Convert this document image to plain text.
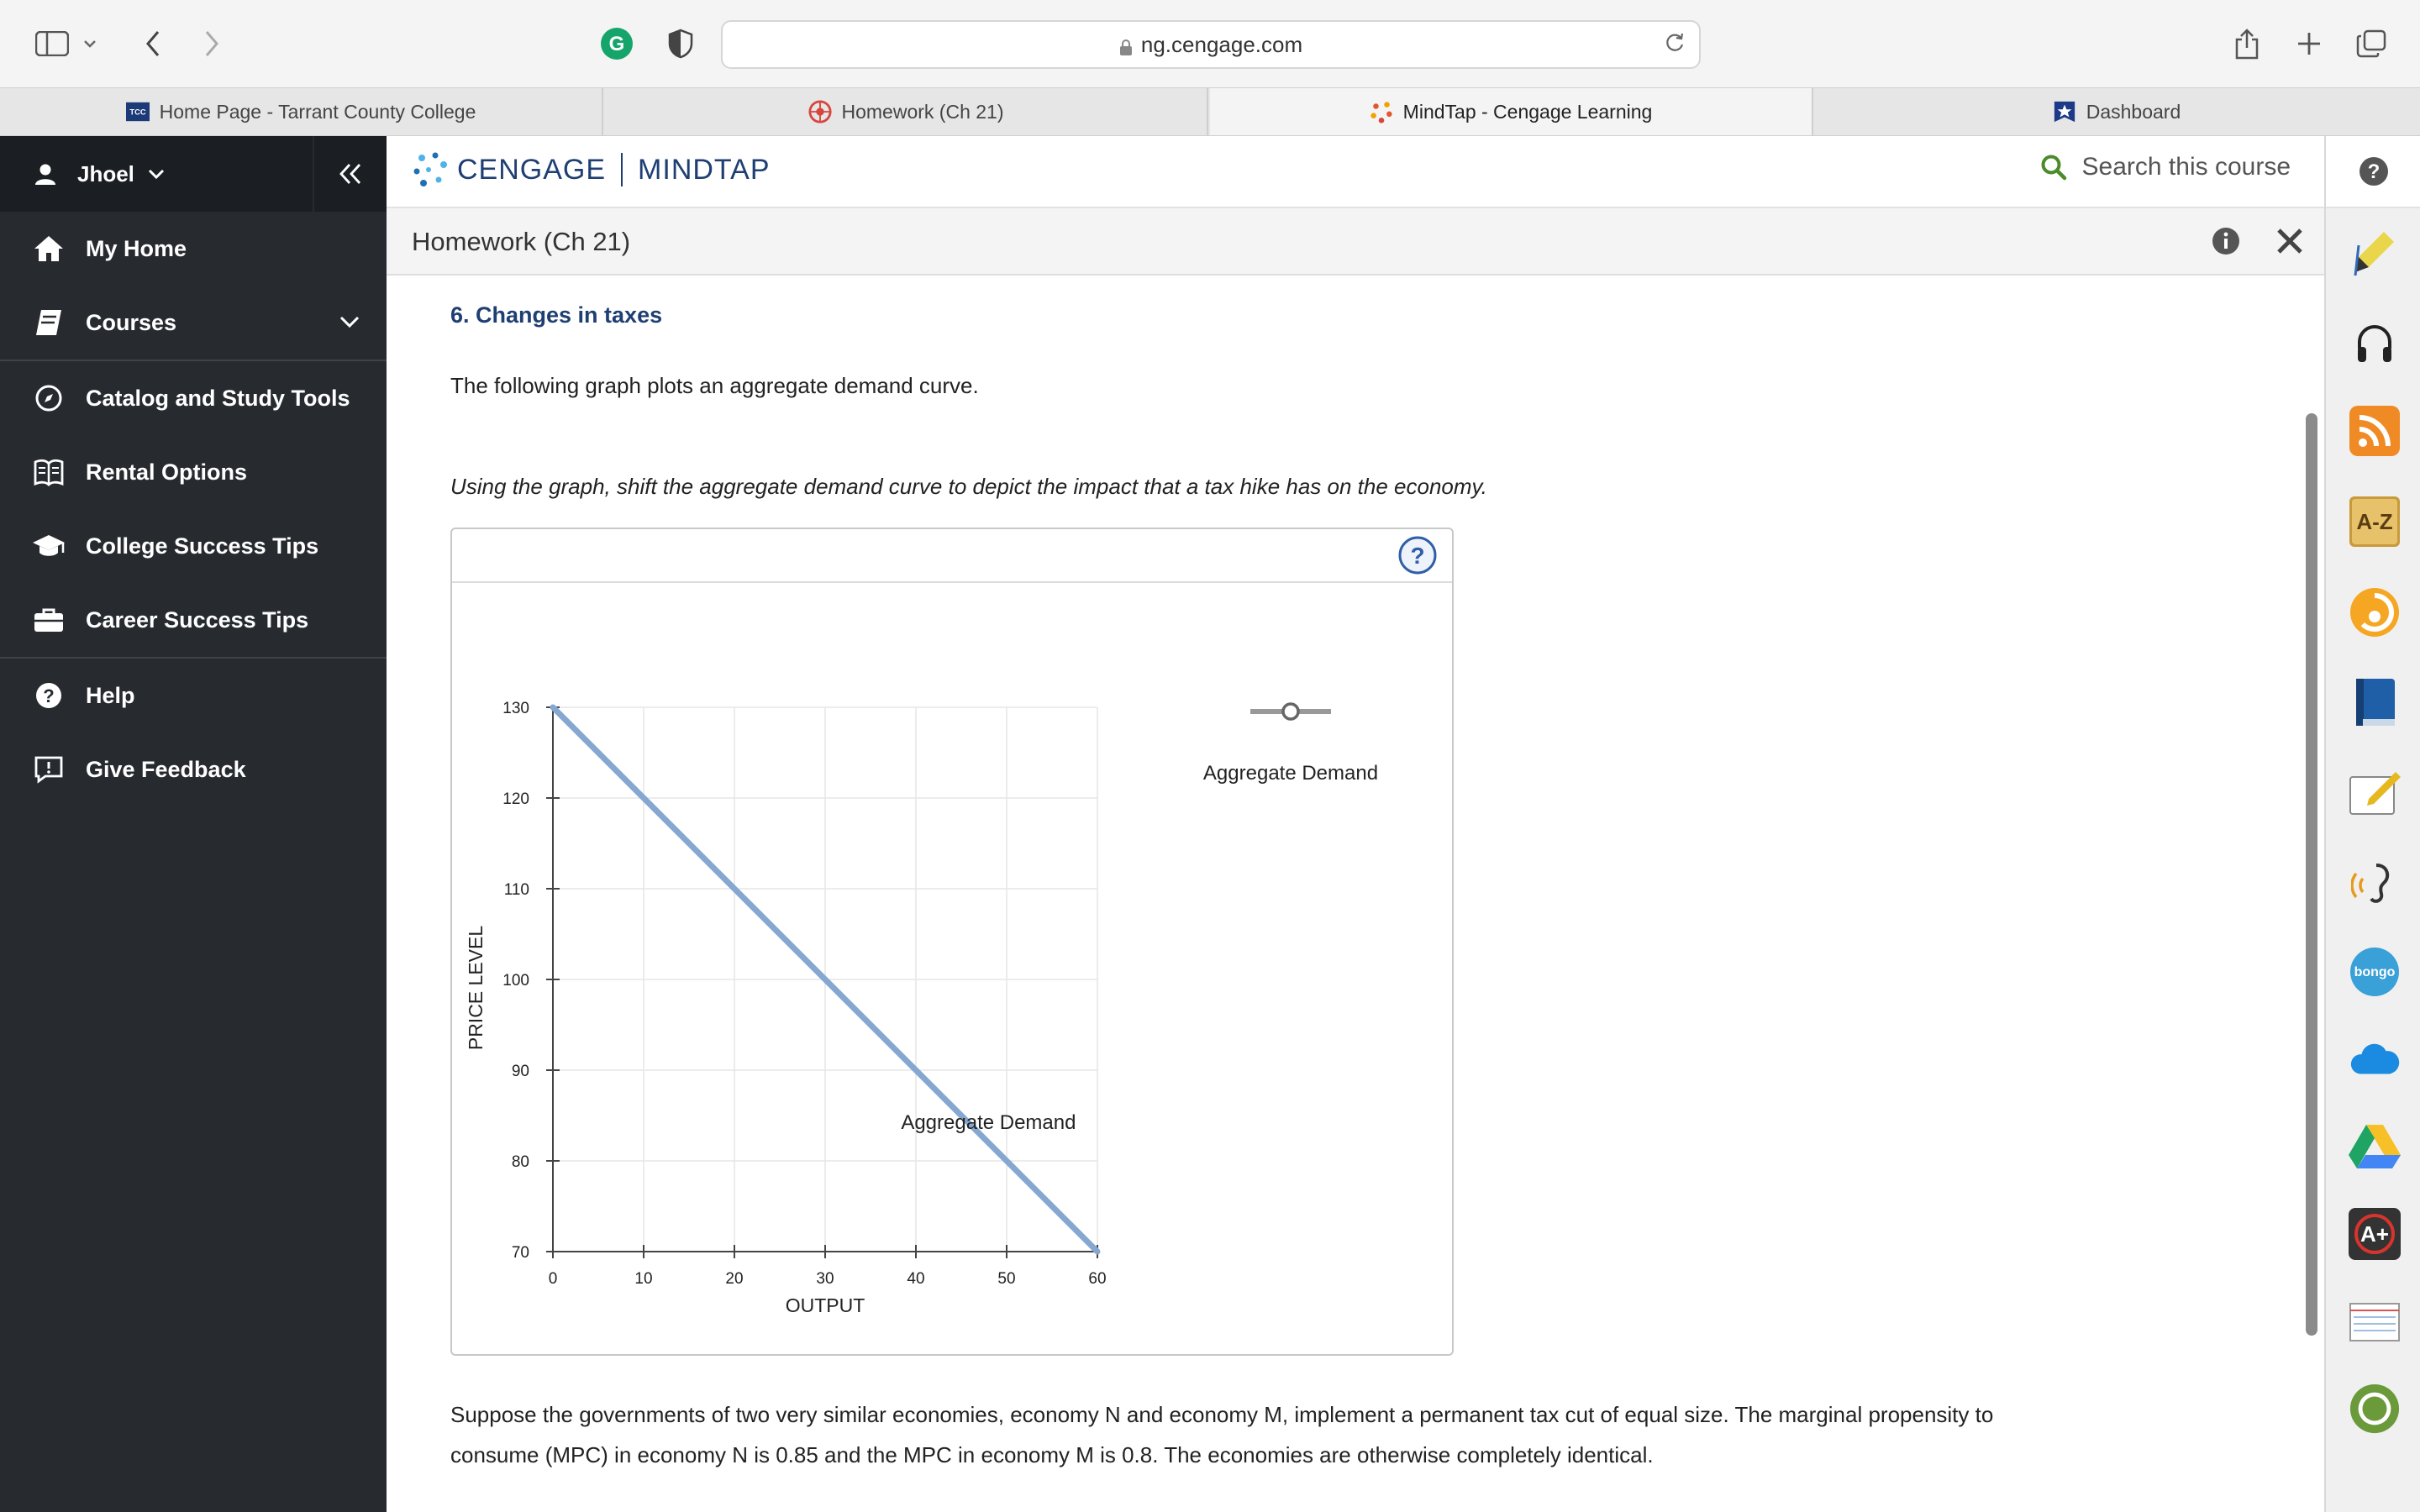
G	ng.cengage.com
TCC Home Page - Tarrant County College	Homework (Ch 21)	MindTap - Cengage Learning	Dashboard
Jhoel
My Home
Courses
Catalog and Study Tools
Rental Options
College Success Tips
Career Success Tips
? Help
Give Feedback
CENGAGE MINDTAP	Search this course
Homework (Ch 21)
?
A-Z
bongo
A+
6. Changes in taxes
The following graph plots an aggregate demand curve.
Using the graph, shift the aggregate demand curve to depict the impact that a tax hike has on the economy.
?
70
80
90
100
110
120
130
0	10	20	30	40	50	60
Aggregate Demand
PRICE LEVEL
OUTPUT
Aggregate Demand
Suppose the governments of two very similar economies, economy N and economy M, implement a permanent tax cut of equal size. The marginal propensity to consume (MPC) in economy N is 0.85 and the MPC in economy M is 0.8. The economies are otherwise completely identical.
